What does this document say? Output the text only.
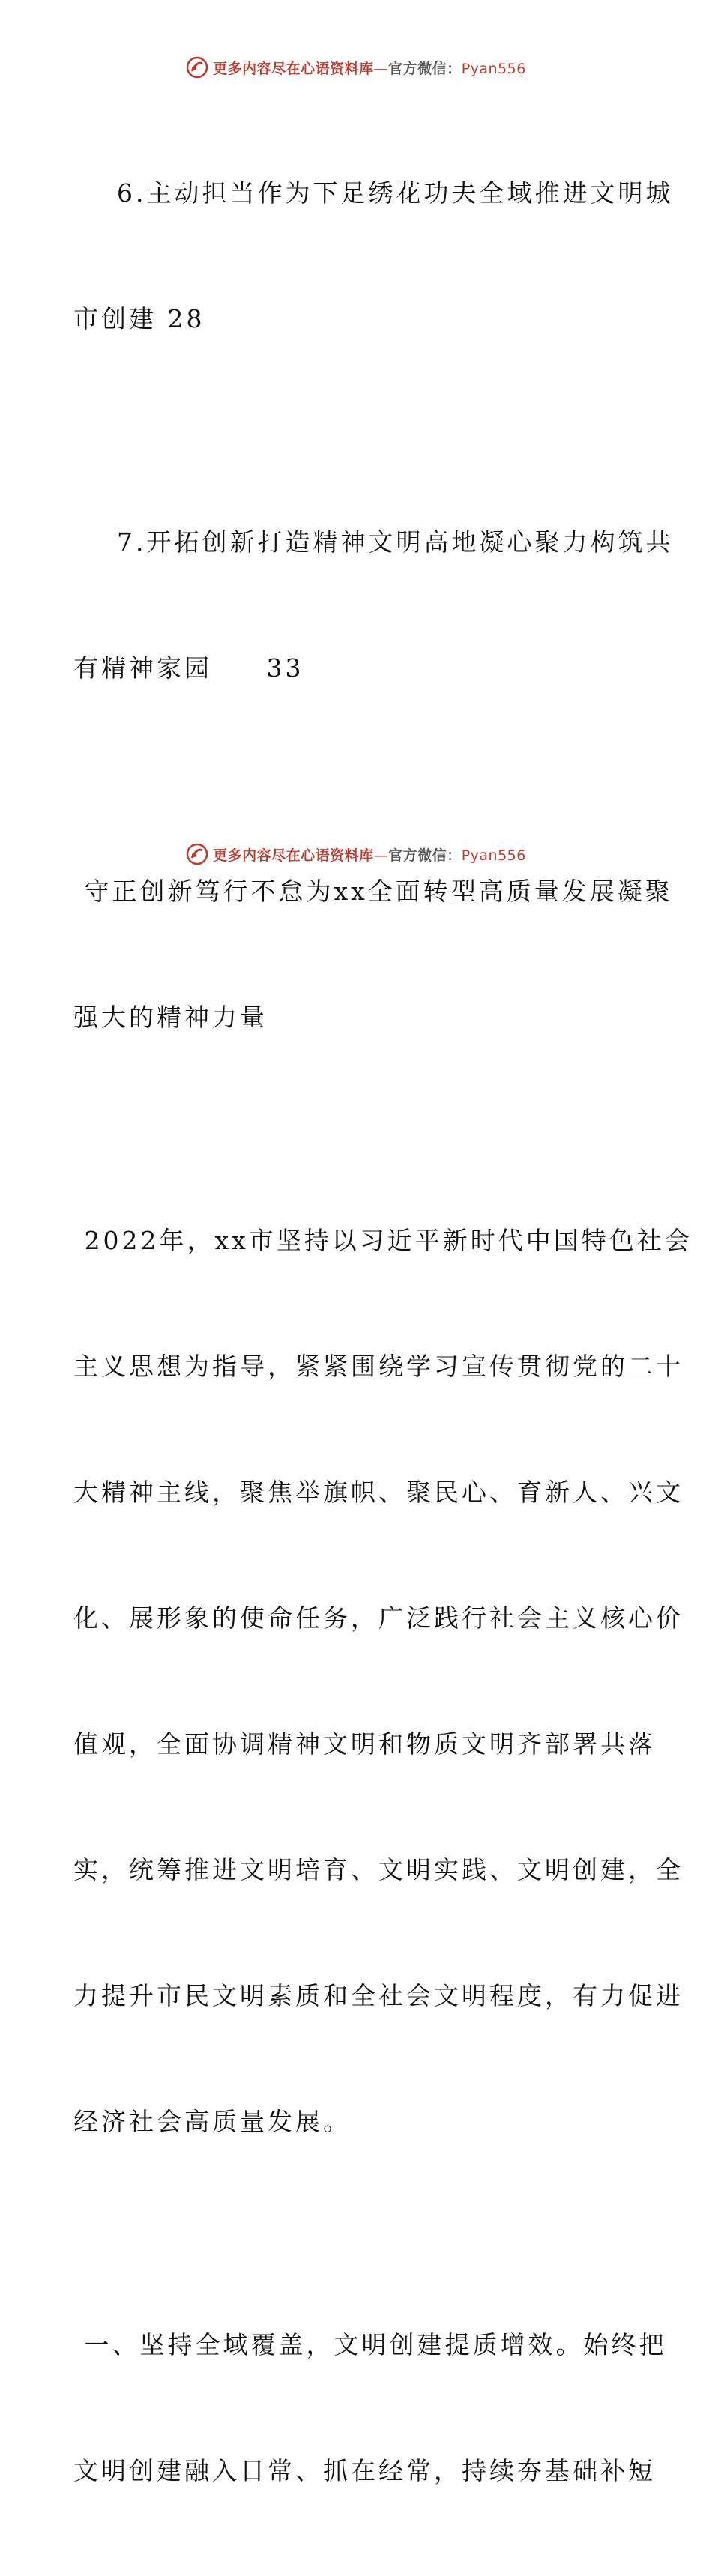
更多内容尽在心语资料库—官方微信：Pyan556

6.主动担当作为下足绣花功夫全域推进文明城

市创建 28

7.开拓创新打造精神文明高地凝心聚力构筑共

有精神家园     33

守正创新笃行不怠为xx全面转型高质量发展凝聚

强大的精神力量

2022年，xx市坚持以习近平新时代中国特色社会

主义思想为指导，紧紧围绕学习宣传贯彻党的二十

大精神主线，聚焦举旗帜、聚民心、育新人、兴文

化、展形象的使命任务，广泛践行社会主义核心价

值观，全面协调精神文明和物质文明齐部署共落

实，统筹推进文明培育、文明实践、文明创建，全

力提升市民文明素质和全社会文明程度，有力促进

经济社会高质量发展。

一、坚持全域覆盖，文明创建提质增效。始终把

文明创建融入日常、抓在经常，持续夯基础补短

更多内容尽在心语资料库—官方微信：Pyan556
